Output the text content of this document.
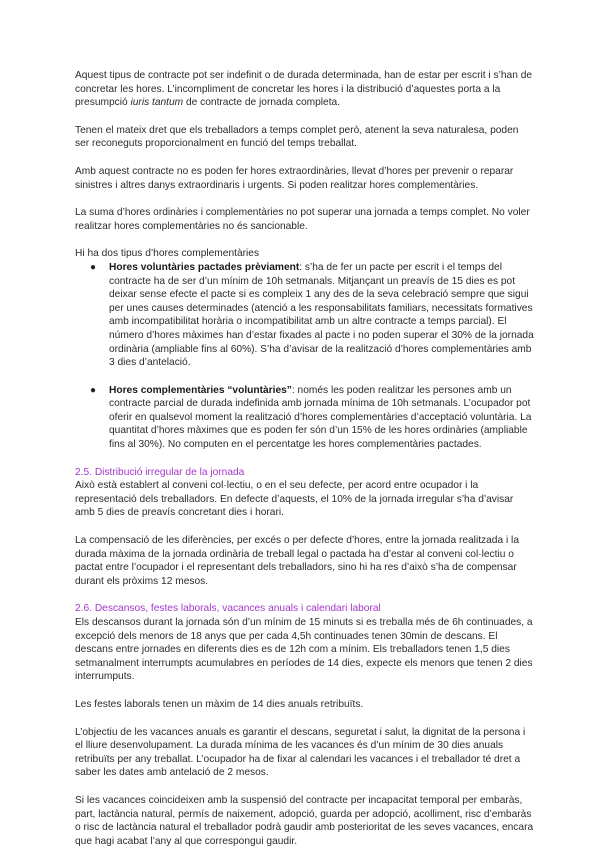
Aquest tipus de contracte pot ser indefinit o de durada determinada, han de estar per escrit i s’han de concretar les hores. L’incompliment de concretar les hores i la distribució d’aquestes porta a la presumpció iuris tantum de contracte de jornada completa.

Tenen el mateix dret que els treballadors a temps complet però, atenent la seva naturalesa, poden ser reconeguts proporcionalment en funció del temps treballat.

Amb aquest contracte no es poden fer hores extraordinàries, llevat d’hores per prevenir o reparar sinistres i altres danys extraordinaris i urgents. Si poden realitzar hores complementàries.

La suma d’hores ordinàries i complementàries no pot superar una jornada a temps complet. No voler realitzar hores complementàries no és sancionable.

Hi ha dos tipus d’hores complementàries

● Hores voluntàries pactades prèviament: s’ha de fer un pacte per escrit i el temps del contracte ha de ser d’un mínim de 10h setmanals. Mitjançant un preavís de 15 dies es pot deixar sense efecte el pacte si es compleix 1 any des de la seva celebració sempre que sigui per unes causes determinades (atenció a les responsabilitats familiars, necessitats formatives amb incompatibilitat horària o incompatibilitat amb un altre contracte a temps parcial). El número d’hores màximes han d’estar fixades al pacte i no poden superar el 30% de la jornada ordinària (ampliable fins al 60%). S’ha d’avisar de la realització d’hores complementàries amb 3 dies d’antelació.
● Hores complementàries “voluntàries”: només les poden realitzar les persones amb un contracte parcial de durada indefinida amb jornada mínima de 10h setmanals. L’ocupador pot oferir en qualsevol moment la realització d’hores complementàries d’acceptació voluntària. La quantitat d’hores màximes que es poden fer són d’un 15% de les hores ordinàries (ampliable fins al 30%). No computen en el percentatge les hores complementàries pactades.
2.5. Distribució irregular de la jornada

Això està establert al conveni col·lectiu, o en el seu defecte, per acord entre ocupador i la representació dels treballadors. En defecte d’aquests, el 10% de la jornada irregular s’ha d’avisar amb 5 dies de preavís concretant dies i horari.

La compensació de les diferències, per excés o per defecte d’hores, entre la jornada realitzada i la durada màxima de la jornada ordinària de treball legal o pactada ha d’estar al conveni col·lectiu o pactat entre l’ocupador i el representant dels treballadors, sino hi ha res d’això s’ha de compensar durant els pròxims 12 mesos.

2.6. Descansos, festes laborals, vacances anuals i calendari laboral

Els descansos durant la jornada són d’un mínim de 15 minuts si es treballa més de 6h continuades, a excepció dels menors de 18 anys que per cada 4,5h continuades tenen 30min de descans. El descans entre jornades en diferents dies es de 12h com a mínim. Els treballadors tenen 1,5 dies setmanalment interrumpts acumulabres en períodes de 14 dies, expecte els menors que tenen 2 dies interrumputs.

Les festes laborals tenen un màxim de 14 dies anuals retribuïts.

L’objectiu de les vacances anuals es garantir el descans, seguretat i salut, la dignitat de la persona i el lliure desenvolupament. La durada mínima de les vacances és d’un mínim de 30 dies anuals retribuïts per any treballat. L’ocupador ha de fixar al calendari les vacances i el treballador té dret a saber les dates amb antelació de 2 mesos.

Si les vacances coincideixen amb la suspensió del contracte per incapacitat temporal per embaràs, part, lactància natural, permís de naixement, adopció, guarda per adopció, acolliment, risc d’embaràs o risc de lactància natural el treballador podrà gaudir amb posterioritat de les seves vacances, encara que hagi acabat l’any al que correspongui gaudir.
